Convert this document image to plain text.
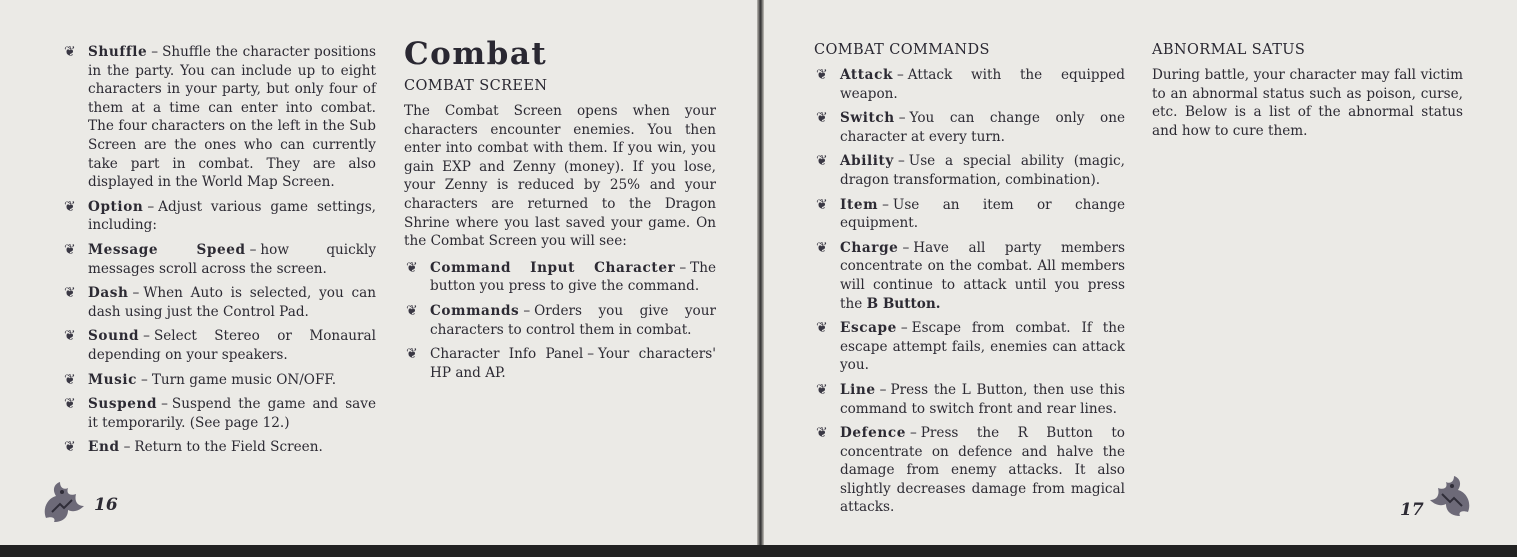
❦ Shuffle – Shuffle the character positions in the party. You can include up to eight characters in your party, but only four of them at a time can enter into combat. The four characters on the left in the Sub Screen are the ones who can currently take part in combat. They are also displayed in the World Map Screen.
❦ Option – Adjust various game settings, including:
❦ Message Speed – how quickly messages scroll across the screen.
❦ Dash – When Auto is selected, you can dash using just the Control Pad.
❦ Sound – Select Stereo or Monaural depending on your speakers.
❦ Music – Turn game music ON/OFF.
❦ Suspend – Suspend the game and save it temporarily. (See page 12.)
❦ End – Return to the Field Screen.
Combat
COMBAT SCREEN

The Combat Screen opens when your characters encounter enemies. You then enter into combat with them. If you win, you gain EXP and Zenny (money). If you lose, your Zenny is reduced by 25% and your characters are returned to the Dragon Shrine where you last saved your game. On the Combat Screen you will see:

❦ Command Input Character – The button you press to give the command.
❦ Commands – Orders you give your characters to control them in combat.
❦ Character Info Panel – Your characters' HP and AP.
16
COMBAT COMMANDS
❦ Attack – Attack with the equipped weapon.
❦ Switch – You can change only one character at every turn.
❦ Ability – Use a special ability (magic, dragon transformation, combination).
❦ Item – Use an item or change equipment.
❦ Charge – Have all party members concentrate on the combat. All members will continue to attack until you press the B Button.
❦ Escape – Escape from combat. If the escape attempt fails, enemies can attack you.
❦ Line – Press the L Button, then use this command to switch front and rear lines.
❦ Defence – Press the R Button to concentrate on defence and halve the damage from enemy attacks. It also slightly decreases damage from magical attacks.
ABNORMAL SATUS

During battle, your character may fall victim to an abnormal status such as poison, curse, etc. Below is a list of the abnormal status and how to cure them.

17
